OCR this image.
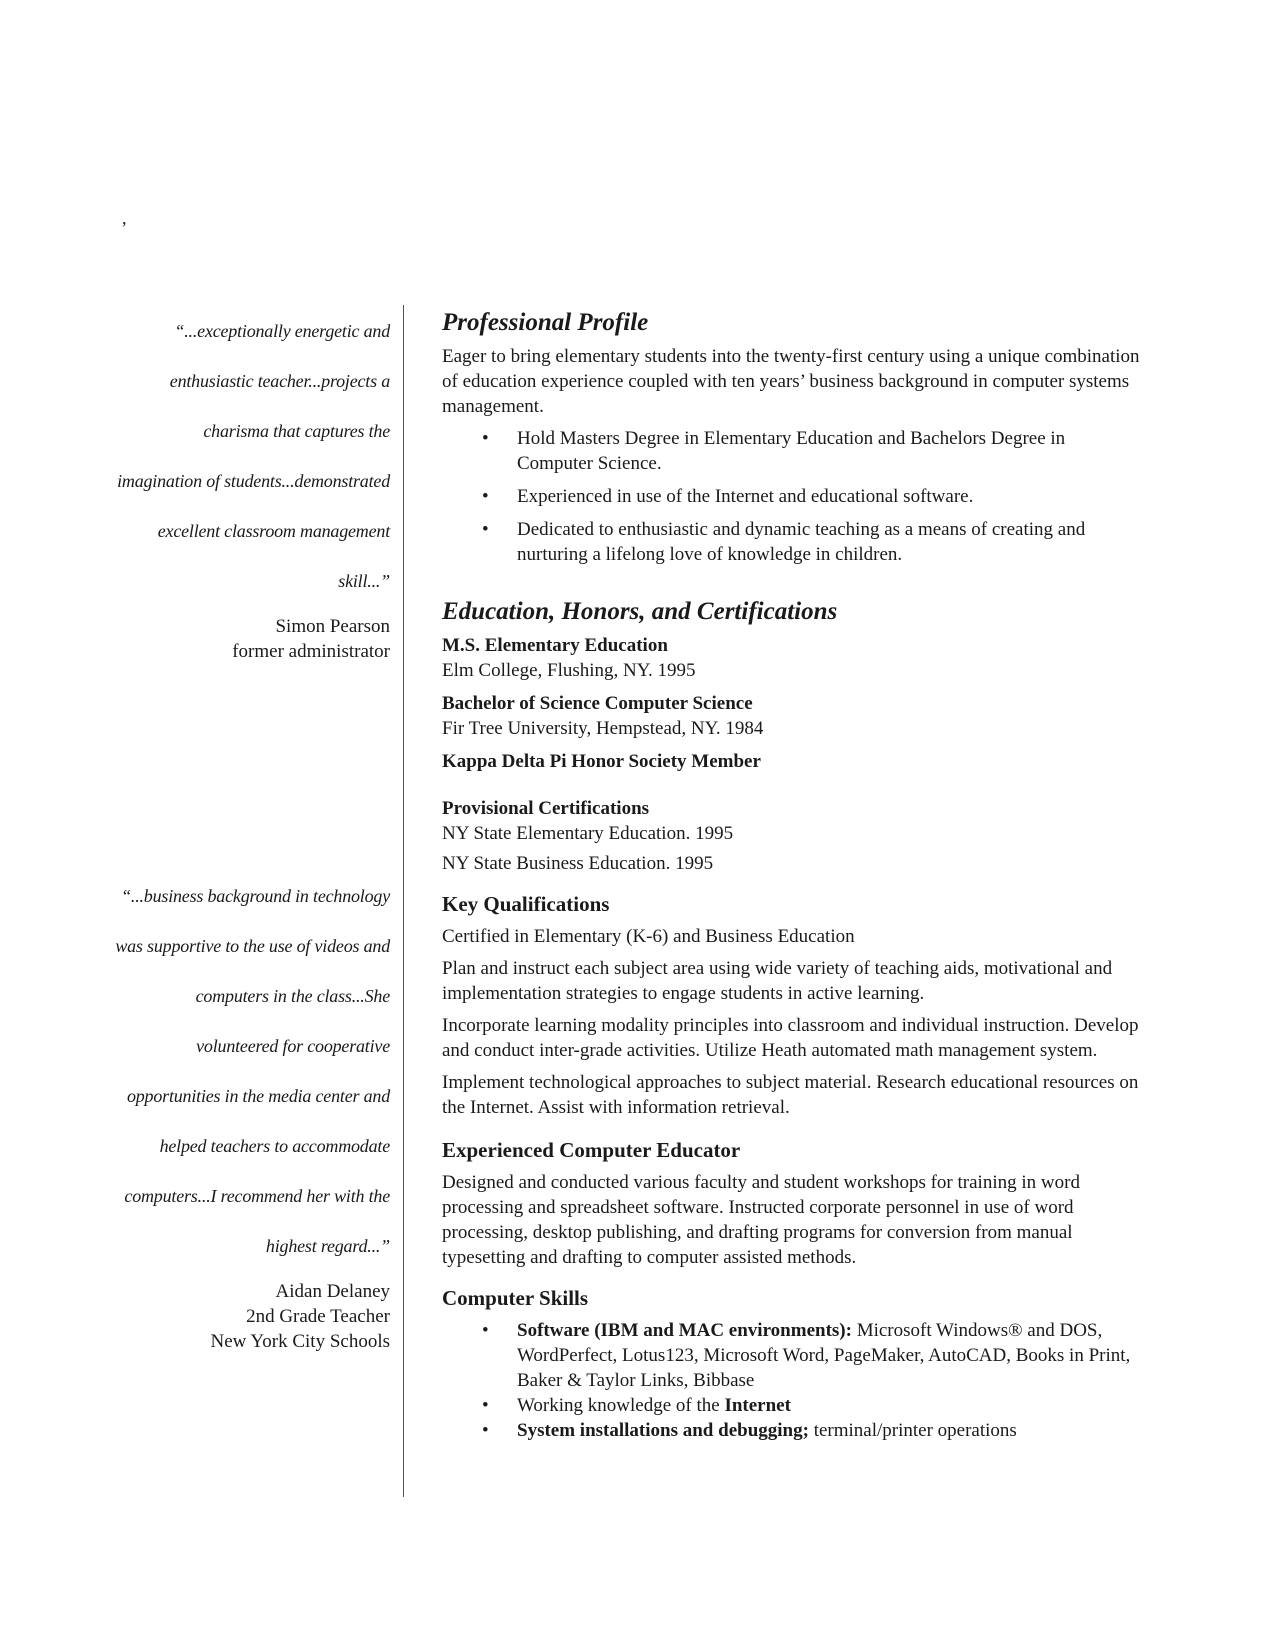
,

“...exceptionally energetic and
enthusiastic teacher...projects a
charisma that captures the
imagination of students...demonstrated
excellent classroom management
skill...”

Simon Pearson
former administrator

“...business background in technology
was supportive to the use of videos and
computers in the class...She
volunteered for cooperative
opportunities in the media center and
helped teachers to accommodate
computers...I recommend her with the
highest regard...”

Aidan Delaney
2nd Grade Teacher
New York City Schools
Professional Profile

Eager to bring elementary students into the twenty-first century using a unique combination of education experience coupled with ten years’ business background in computer systems management.

• Hold Masters Degree in Elementary Education and Bachelors Degree in Computer Science.
• Experienced in use of the Internet and educational software.
• Dedicated to enthusiastic and dynamic teaching as a means of creating and nurturing a lifelong love of knowledge in children.
Education, Honors, and Certifications
M.S. Elementary Education
Elm College, Flushing, NY. 1995
Bachelor of Science Computer Science
Fir Tree University, Hempstead, NY. 1984
Kappa Delta Pi Honor Society Member
Provisional Certifications

NY State Elementary Education. 1995

NY State Business Education. 1995

Key Qualifications

Certified in Elementary (K-6) and Business Education

Plan and instruct each subject area using wide variety of teaching aids, motivational and implementation strategies to engage students in active learning.

Incorporate learning modality principles into classroom and individual instruction. Develop and conduct inter-grade activities. Utilize Heath automated math management system.

Implement technological approaches to subject material. Research educational resources on the Internet. Assist with information retrieval.

Experienced Computer Educator

Designed and conducted various faculty and student workshops for training in word processing and spreadsheet software. Instructed corporate personnel in use of word processing, desktop publishing, and drafting programs for conversion from manual typesetting and drafting to computer assisted methods.

Computer Skills
• Software (IBM and MAC environments): Microsoft Windows® and DOS, WordPerfect, Lotus123, Microsoft Word, PageMaker, AutoCAD, Books in Print, Baker & Taylor Links, Bibbase
• Working knowledge of the Internet
• System installations and debugging; terminal/printer operations
